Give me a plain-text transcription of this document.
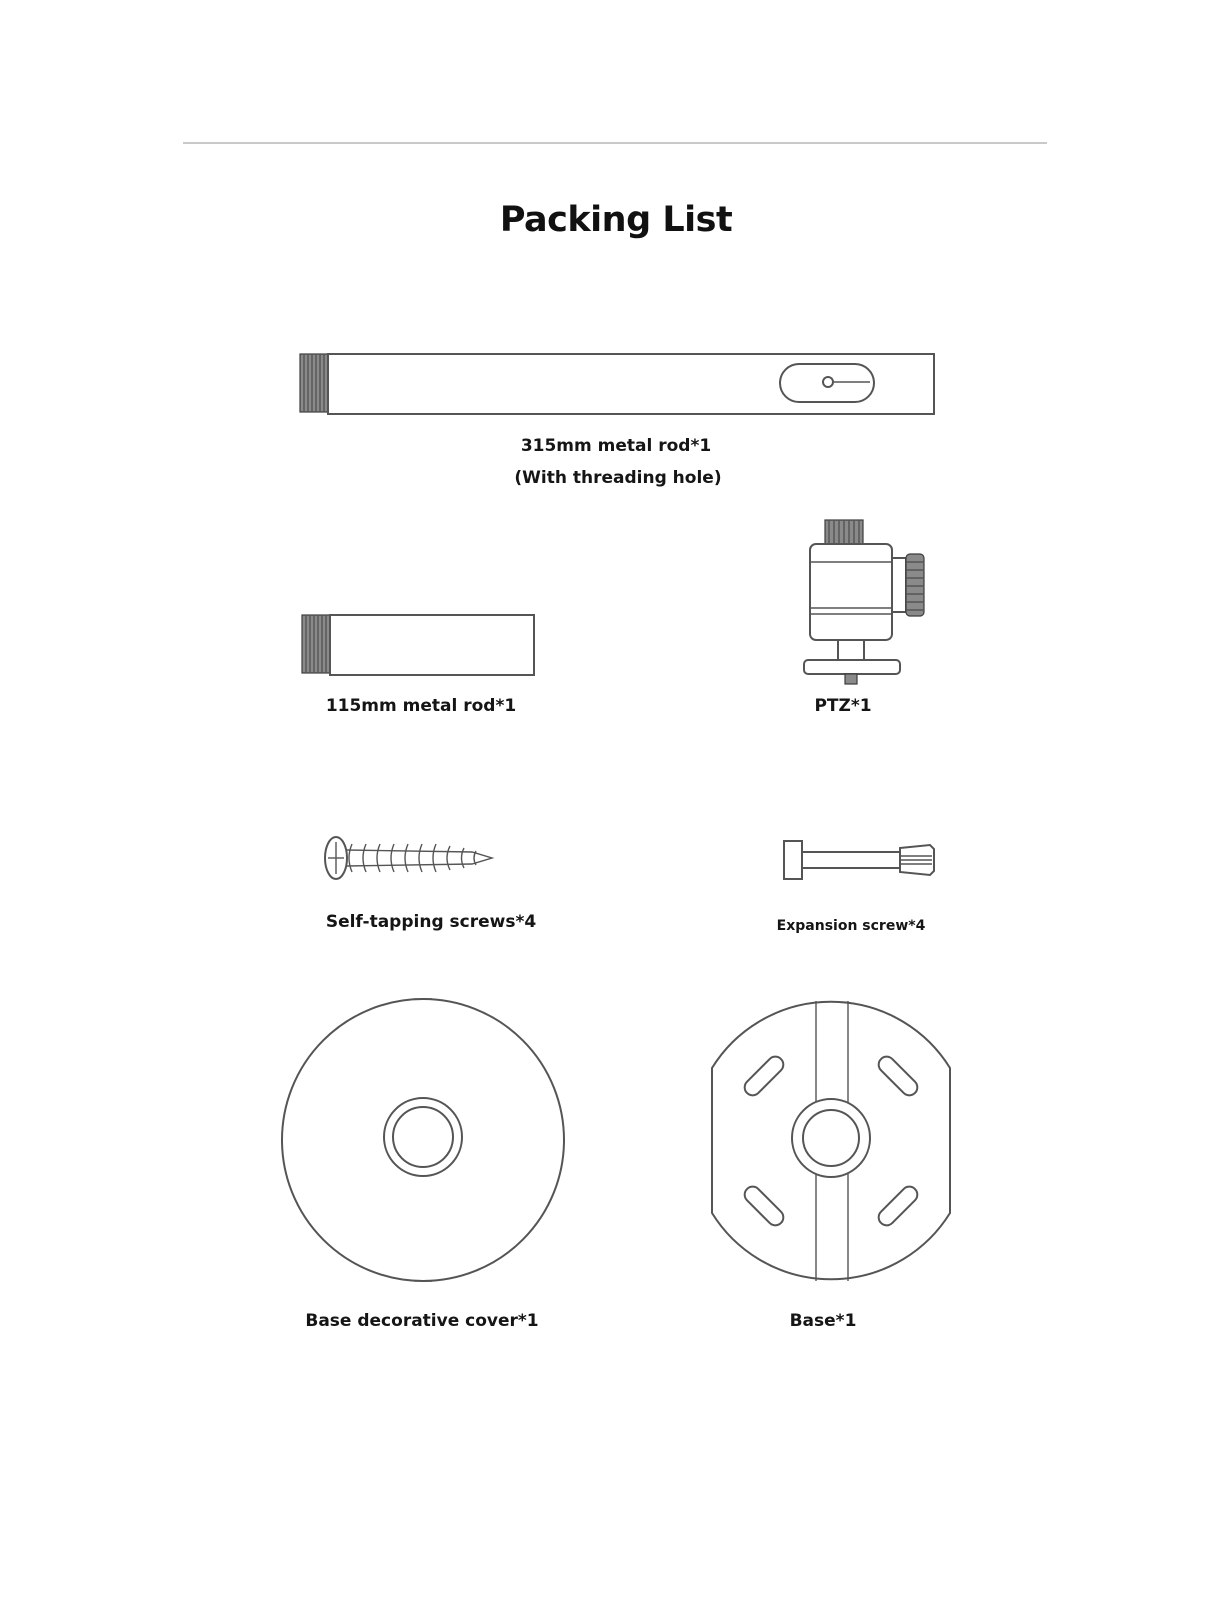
Packing List
315mm metal rod*1
(With threading hole)
115mm metal rod*1	PTZ*1
Self-tapping screws*4	Expansion screw*4
Base decorative cover*1	Base*1
